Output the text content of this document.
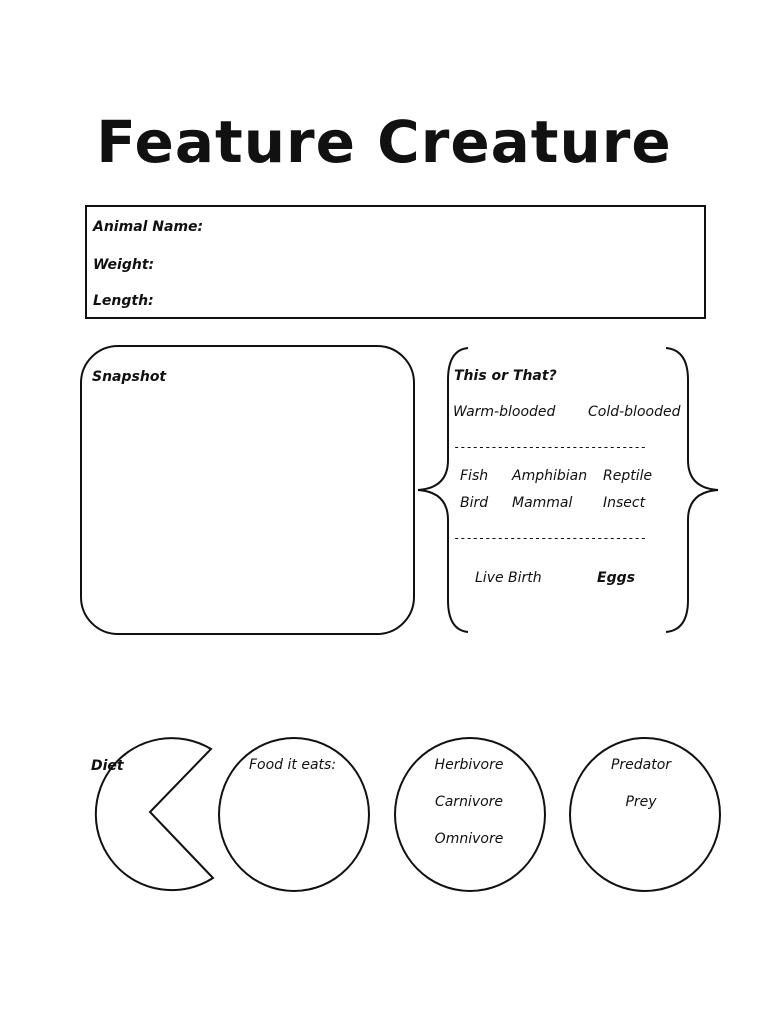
Feature Creature
Animal Name:
Weight:
Length:
Snapshot	This or That?
Warm-blooded Cold-blooded
-------------------------------
Fish Amphibian Reptile
Bird Mammal Insect
-------------------------------
Live Birth	Eggs
Diet	Food it eats:	Herbivore
Carnivore
Omnivore
Predator
Prey
